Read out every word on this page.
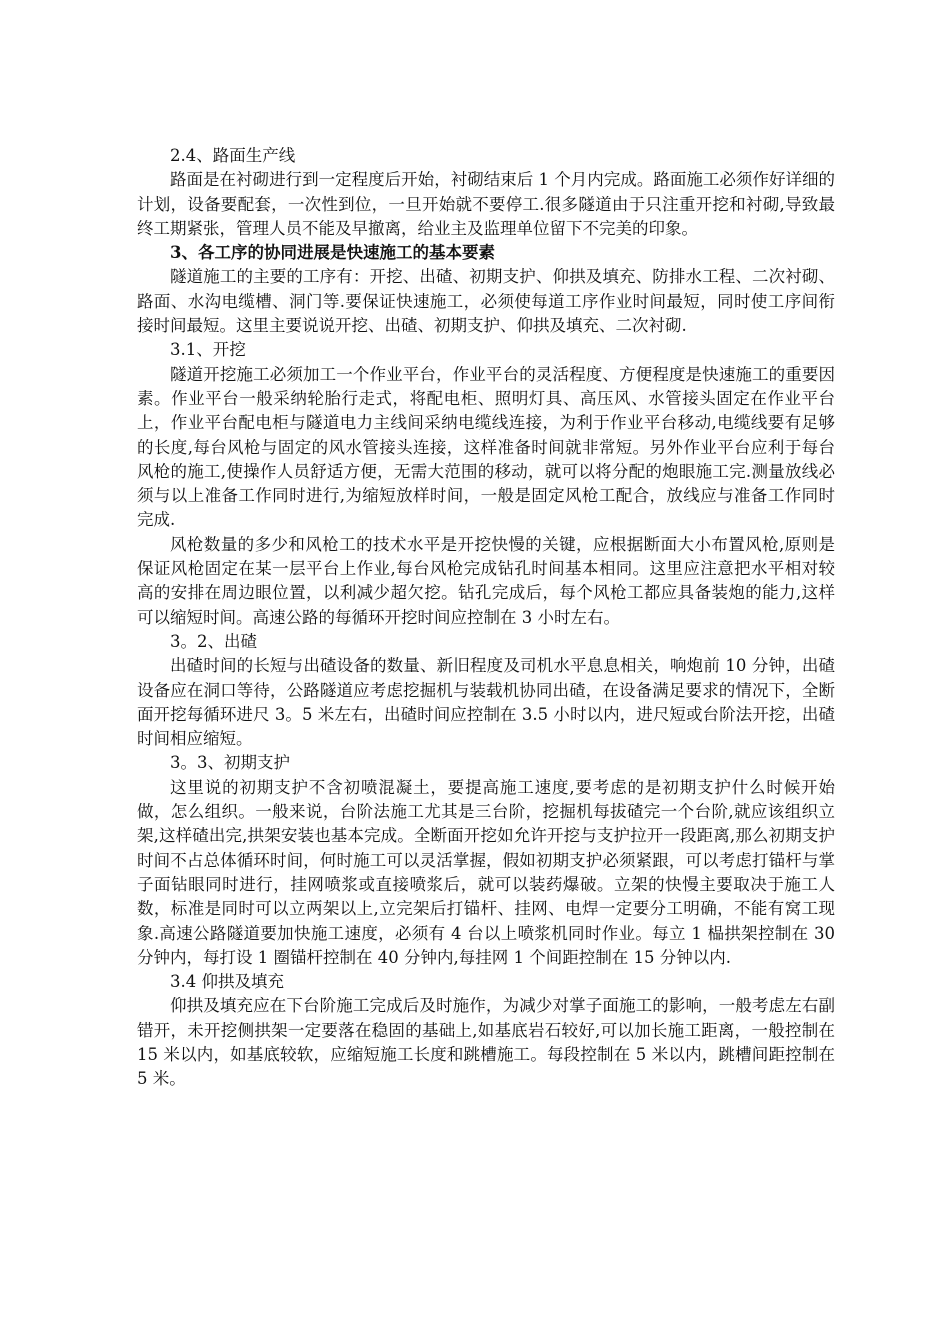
2.4、路面生产线

路面是在衬砌进行到一定程度后开始，衬砌结束后 1 个月内完成。路面施工必须作好详细的计划，设备要配套，一次性到位，一旦开始就不要停工.很多隧道由于只注重开挖和衬砌,导致最终工期紧张，管理人员不能及早撤离，给业主及监理单位留下不完美的印象。

3、各工序的协同进展是快速施工的基本要素

隧道施工的主要的工序有：开挖、出碴、初期支护、仰拱及填充、防排水工程、二次衬砌、路面、水沟电缆槽、洞门等.要保证快速施工，必须使每道工序作业时间最短，同时使工序间衔接时间最短。这里主要说说开挖、出碴、初期支护、仰拱及填充、二次衬砌.

3.1、开挖

隧道开挖施工必须加工一个作业平台，作业平台的灵活程度、方便程度是快速施工的重要因素。作业平台一般采纳轮胎行走式，将配电柜、照明灯具、高压风、水管接头固定在作业平台上，作业平台配电柜与隧道电力主线间采纳电缆线连接，为利于作业平台移动,电缆线要有足够的长度,每台风枪与固定的风水管接头连接，这样准备时间就非常短。另外作业平台应利于每台风枪的施工,使操作人员舒适方便，无需大范围的移动，就可以将分配的炮眼施工完.测量放线必须与以上准备工作同时进行,为缩短放样时间，一般是固定风枪工配合，放线应与准备工作同时完成.

风枪数量的多少和风枪工的技术水平是开挖快慢的关键，应根据断面大小布置风枪,原则是保证风枪固定在某一层平台上作业,每台风枪完成钻孔时间基本相同。这里应注意把水平相对较高的安排在周边眼位置，以利减少超欠挖。钻孔完成后，每个风枪工都应具备装炮的能力,这样可以缩短时间。高速公路的每循环开挖时间应控制在 3 小时左右。

3。2、出碴

出碴时间的长短与出碴设备的数量、新旧程度及司机水平息息相关，响炮前 10 分钟，出碴设备应在洞口等待，公路隧道应考虑挖掘机与装载机协同出碴，在设备满足要求的情况下，全断面开挖每循环进尺 3。5 米左右，出碴时间应控制在 3.5 小时以内，进尺短或台阶法开挖，出碴时间相应缩短。

3。3、初期支护

这里说的初期支护不含初喷混凝土，要提高施工速度,要考虑的是初期支护什么时候开始做，怎么组织。一般来说，台阶法施工尤其是三台阶，挖掘机每拔碴完一个台阶,就应该组织立架,这样碴出完,拱架安装也基本完成。全断面开挖如允许开挖与支护拉开一段距离,那么初期支护时间不占总体循环时间，何时施工可以灵活掌握，假如初期支护必须紧跟，可以考虑打锚杆与掌子面钻眼同时进行，挂网喷浆或直接喷浆后，就可以装药爆破。立架的快慢主要取决于施工人数，标准是同时可以立两架以上,立完架后打锚杆、挂网、电焊一定要分工明确，不能有窝工现象.高速公路隧道要加快施工速度，必须有 4 台以上喷浆机同时作业。每立 1 榀拱架控制在 30 分钟内，每打设 1 圈锚杆控制在 40 分钟内,每挂网 1 个间距控制在 15 分钟以内.

3.4 仰拱及填充

仰拱及填充应在下台阶施工完成后及时施作，为减少对掌子面施工的影响，一般考虑左右副错开，未开挖侧拱架一定要落在稳固的基础上,如基底岩石较好,可以加长施工距离，一般控制在 15 米以内，如基底较软，应缩短施工长度和跳槽施工。每段控制在 5 米以内，跳槽间距控制在 5 米。
